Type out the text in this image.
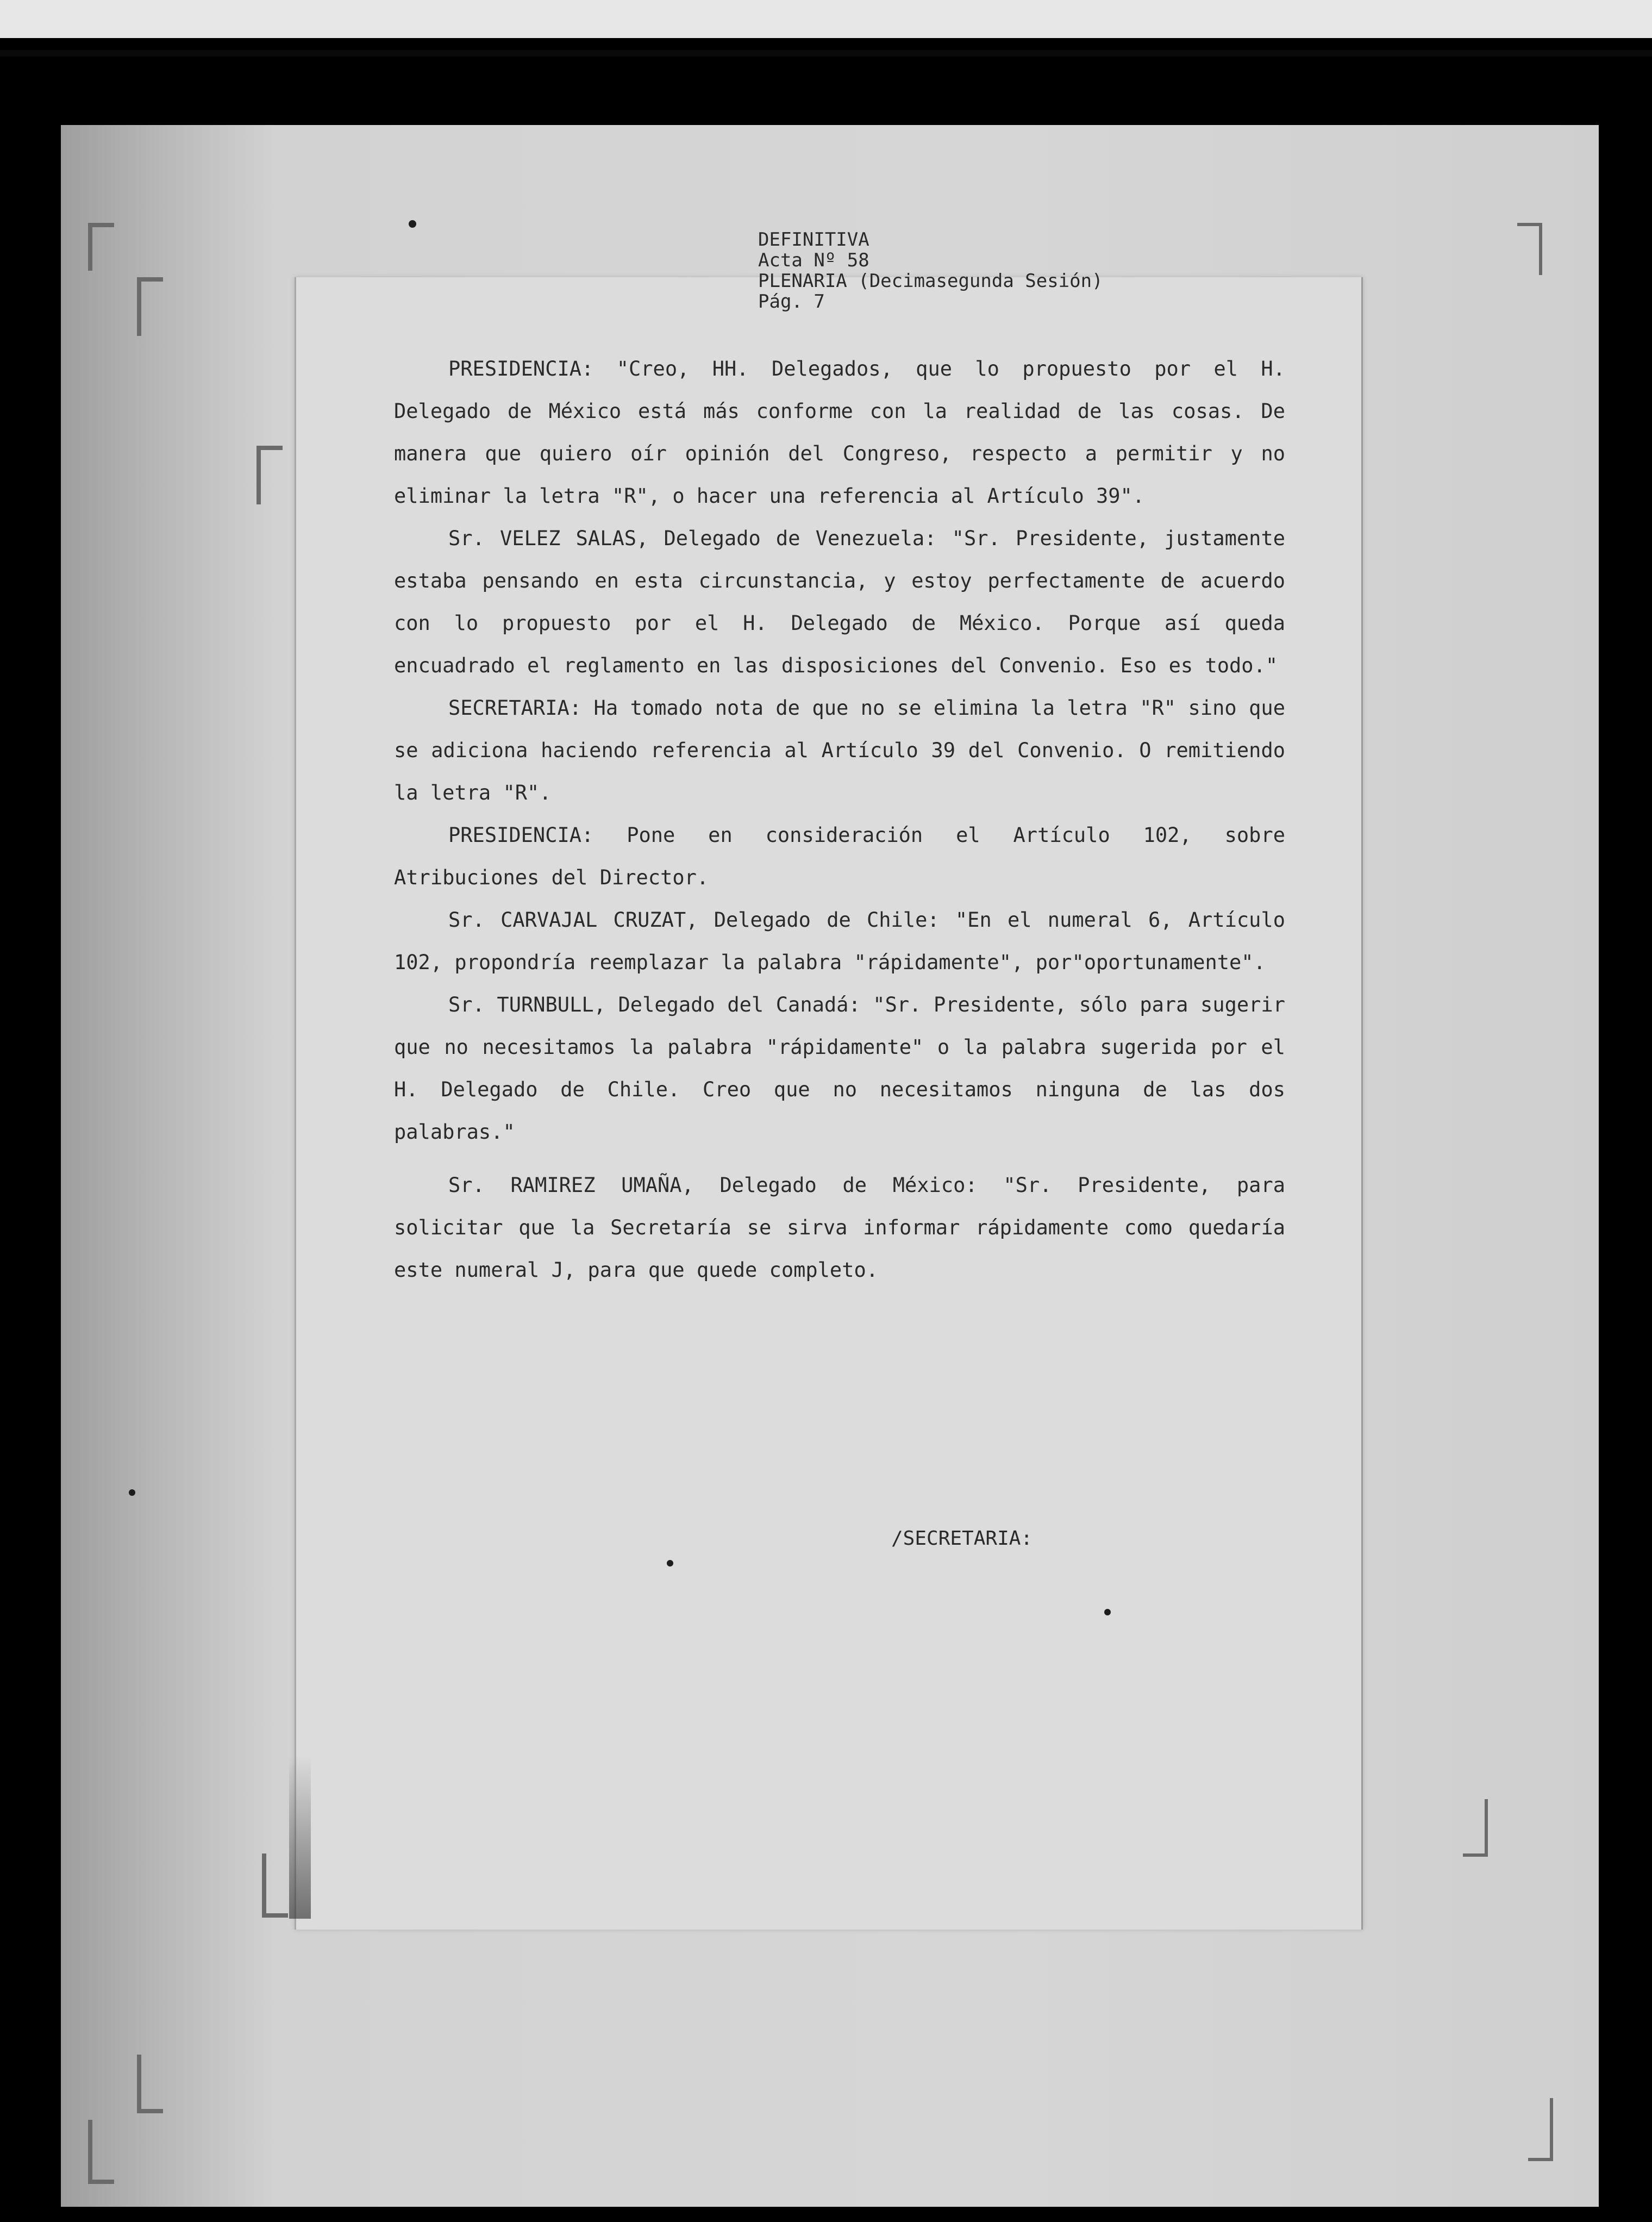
DEFINITIVA
Acta Nº 58
PLENARIA (Decimasegunda Sesión)
Pág. 7

PRESIDENCIA: "Creo, HH. Delegados, que lo propuesto por el H. Delegado de México está más conforme con la realidad de las cosas. De manera que quiero oír opinión del Congreso, respecto a permitir y no eliminar la letra "R", o hacer una referencia al Artículo 39".

Sr. VELEZ SALAS, Delegado de Venezuela: "Sr. Presidente, justamente estaba pensando en esta circunstancia, y estoy perfectamente de acuerdo con lo propuesto por el H. Delegado de México. Porque así queda encuadrado el reglamento en las disposiciones del Convenio. Eso es todo."

SECRETARIA: Ha tomado nota de que no se elimina la letra "R" sino que se adiciona haciendo referencia al Artículo 39 del Convenio. O remitiendo la letra "R".

PRESIDENCIA: Pone en consideración el Artículo 102, sobre Atribuciones del Director.

Sr. CARVAJAL CRUZAT, Delegado de Chile: "En el numeral 6, Artículo 102, propondría reemplazar la palabra "rápidamente", por"oportunamente".

Sr. TURNBULL, Delegado del Canadá: "Sr. Presidente, sólo para sugerir que no necesitamos la palabra "rápidamente" o la palabra sugerida por el H. Delegado de Chile. Creo que no necesitamos ninguna de las dos palabras."

Sr. RAMIREZ UMAÑA, Delegado de México: "Sr. Presidente, para solicitar que la Secretaría se sirva informar rápidamente como quedaría este numeral J, para que quede completo.

/SECRETARIA:
